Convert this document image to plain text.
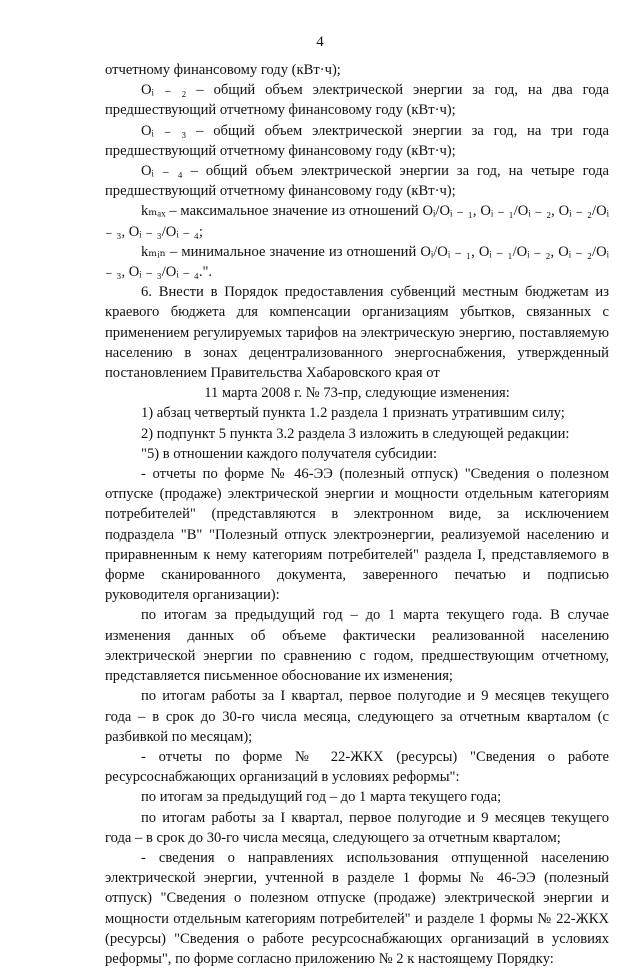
4

отчетному финансовому году (кВт·ч);

Oᵢ ₋ ₂ – общий объем электрической энергии за год, на два года предшествующий отчетному финансовому году (кВт·ч);

Oᵢ ₋ ₃ – общий объем электрической энергии за год, на три года предшествующий отчетному финансовому году (кВт·ч);

Oᵢ ₋ ₄ – общий объем электрической энергии за год, на четыре года предшествующий отчетному финансовому году (кВт·ч);

kₘₐₓ – максимальное значение из отношений Oᵢ/Oᵢ ₋ ₁, Oᵢ ₋ ₁/Oᵢ ₋ ₂, Oᵢ ₋ ₂/Oᵢ ₋ ₃, Oᵢ ₋ ₃/Oᵢ ₋ ₄;

kₘᵢₙ – минимальное значение из отношений Oᵢ/Oᵢ ₋ ₁, Oᵢ ₋ ₁/Oᵢ ₋ ₂, Oᵢ ₋ ₂/Oᵢ ₋ ₃, Oᵢ ₋ ₃/Oᵢ ₋ ₄.".

6. Внести в Порядок предоставления субвенций местным бюджетам из краевого бюджета для компенсации организациям убытков, связанных с применением регулируемых тарифов на электрическую энергию, поставляемую населению в зонах децентрализованного энергоснабжения, утвержденный постановлением Правительства Хабаровского края от

11 марта 2008 г. № 73-пр, следующие изменения:

1) абзац четвертый пункта 1.2 раздела 1 признать утратившим силу;

2) подпункт 5 пункта 3.2 раздела 3 изложить в следующей редакции:

"5) в отношении каждого получателя субсидии:

- отчеты по форме № 46-ЭЭ (полезный отпуск) "Сведения о полезном отпуске (продаже) электрической энергии и мощности отдельным категориям потребителей" (представляются в электронном виде, за исключением подраздела "B" "Полезный отпуск электроэнергии, реализуемой населению и приравненным к нему категориям потребителей" раздела I, представляемого в форме сканированного документа, заверенного печатью и подписью руководителя организации):

по итогам за предыдущий год – до 1 марта текущего года. В случае изменения данных об объеме фактически реализованной населению электрической энергии по сравнению с годом, предшествующим отчетному, представляется письменное обоснование их изменения;

по итогам работы за I квартал, первое полугодие и 9 месяцев текущего года – в срок до 30-го числа месяца, следующего за отчетным кварталом (с разбивкой по месяцам);

- отчеты по форме № 22-ЖКХ (ресурсы) "Сведения о работе ресурсоснабжающих организаций в условиях реформы":

по итогам за предыдущий год – до 1 марта текущего года;

по итогам работы за I квартал, первое полугодие и 9 месяцев текущего года – в срок до 30-го числа месяца, следующего за отчетным кварталом;

- сведения о направлениях использования отпущенной населению электрической энергии, учтенной в разделе 1 формы № 46-ЭЭ (полезный отпуск) "Сведения о полезном отпуске (продаже) электрической энергии и мощности отдельным категориям потребителей" и разделе 1 формы № 22-ЖКХ (ресурсы) "Сведения о работе ресурсоснабжающих организаций в условиях реформы", по форме согласно приложению № 2 к настоящему Порядку:
